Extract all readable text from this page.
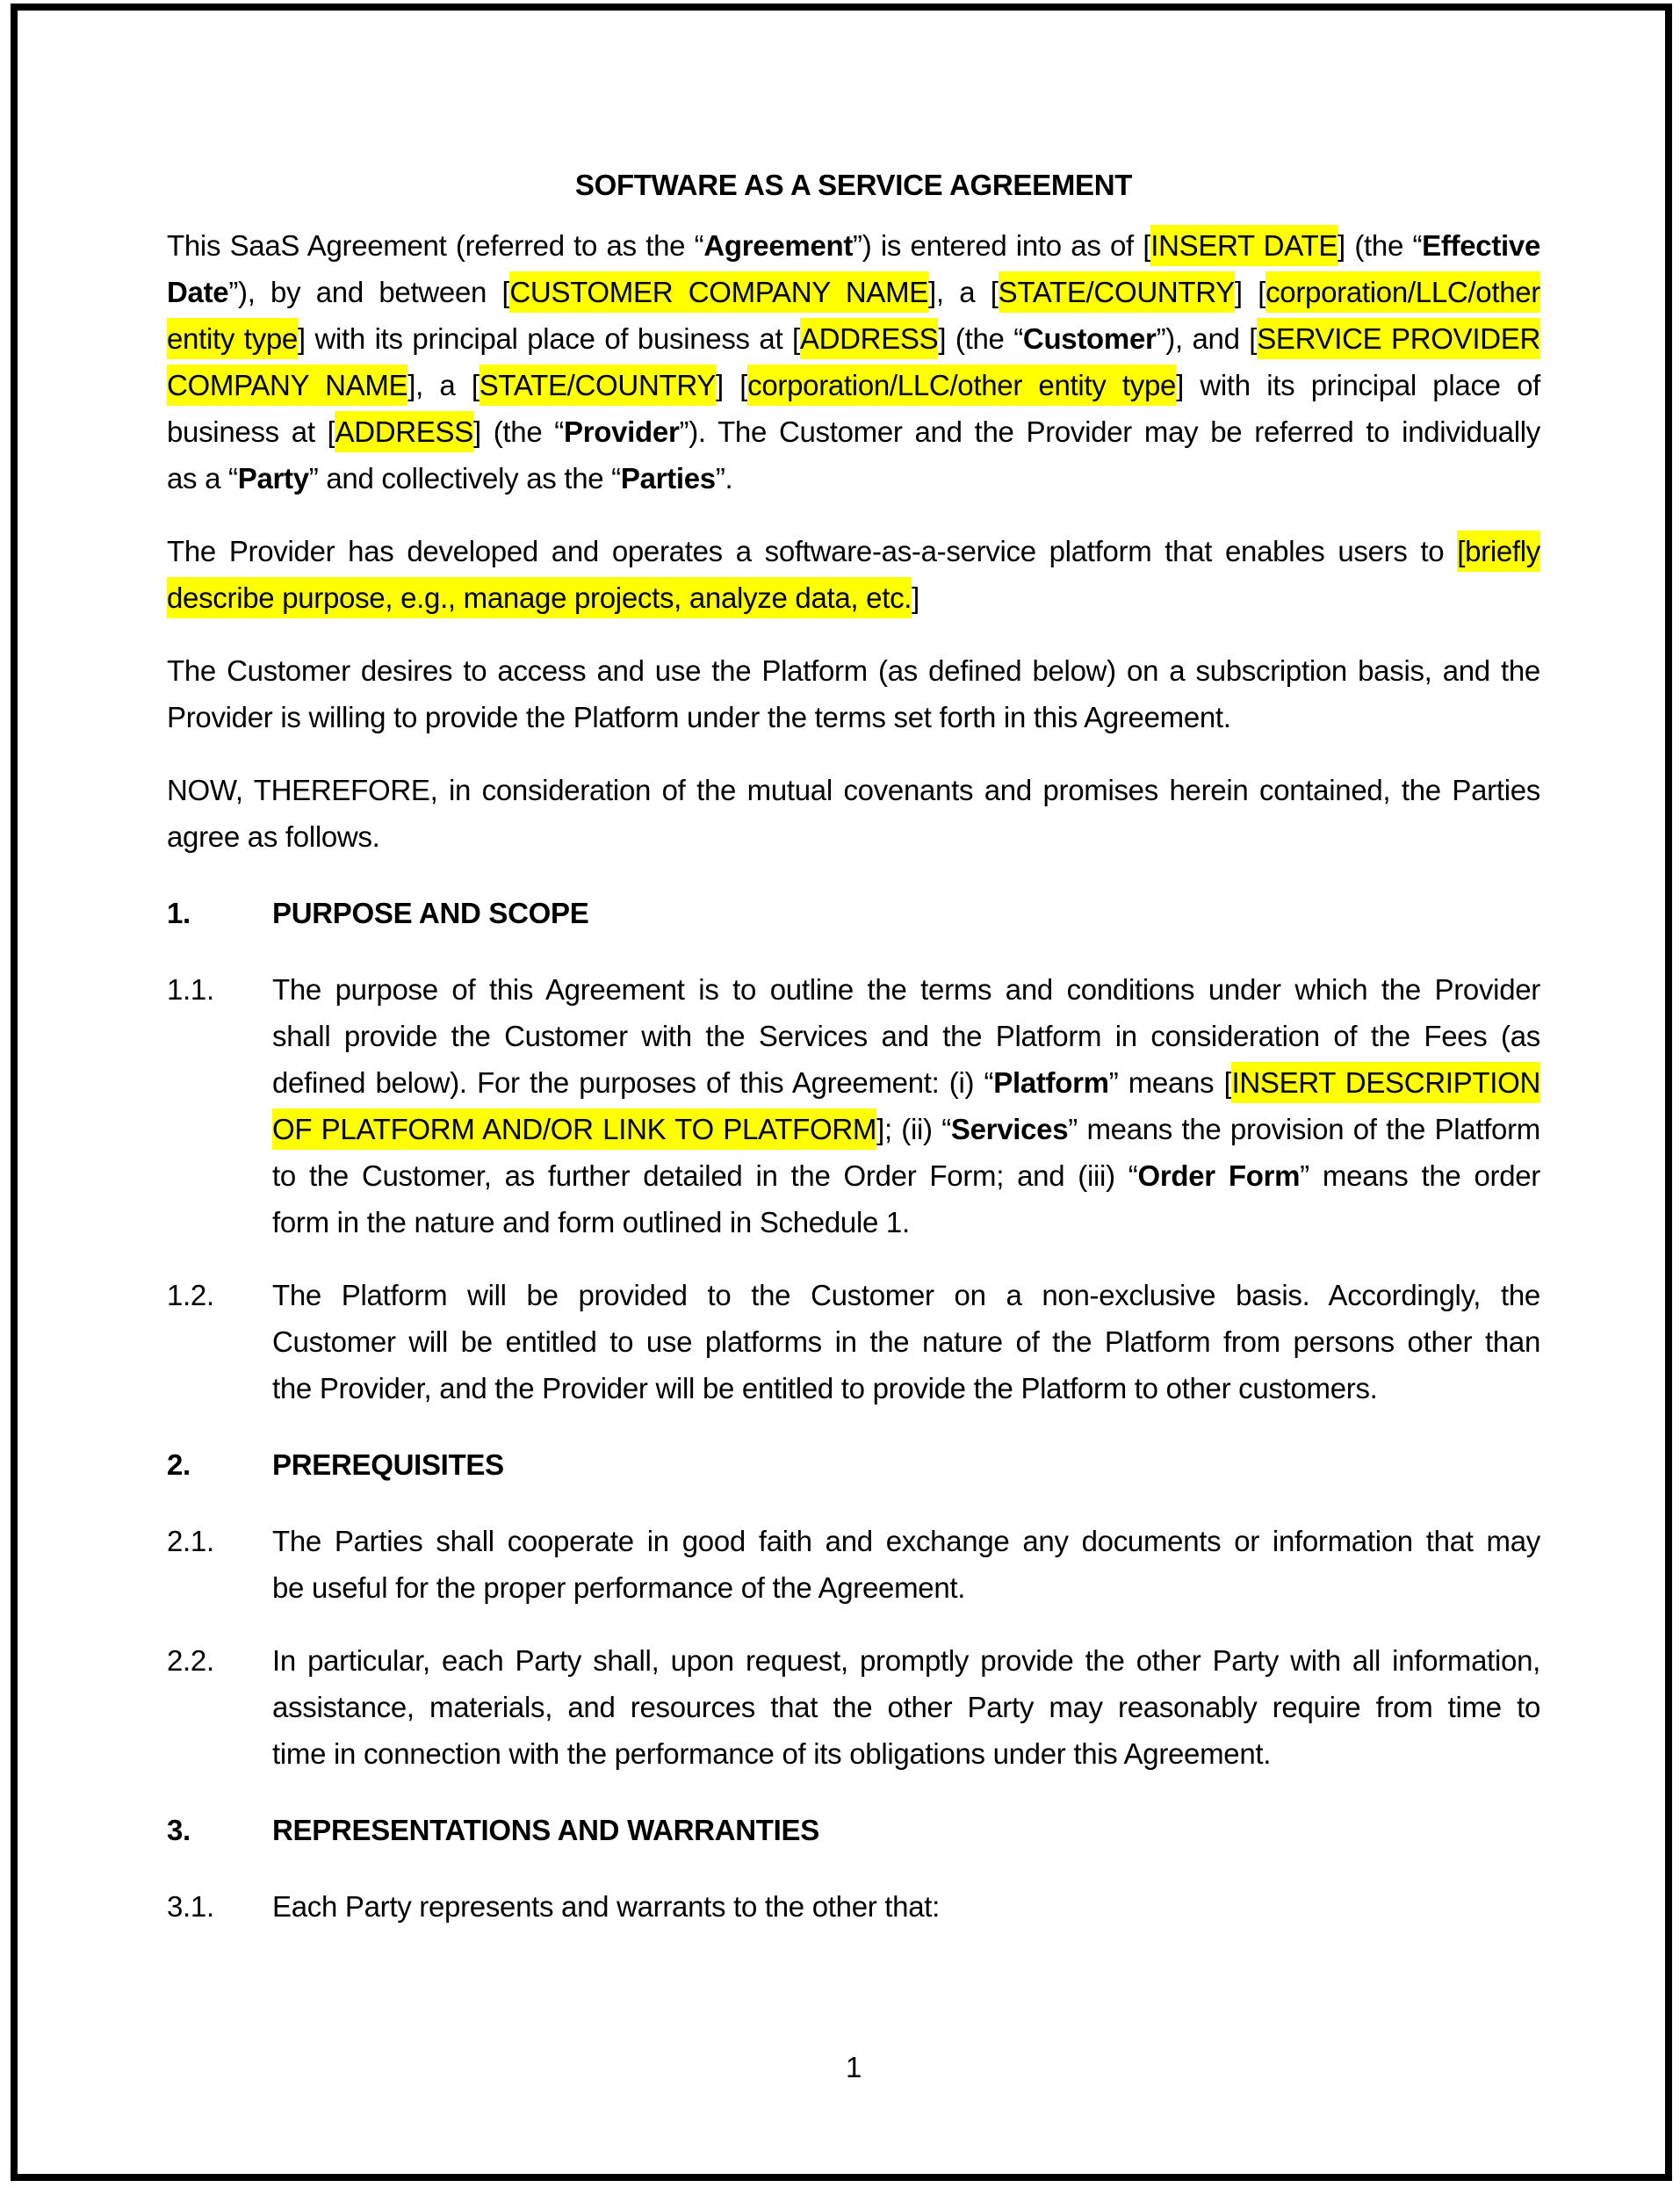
SOFTWARE AS A SERVICE AGREEMENT
This SaaS Agreement (referred to as the “Agreement”) is entered into as of [INSERT DATE] (the “Effective
Date”), by and between [CUSTOMER COMPANY NAME], a [STATE/COUNTRY] [corporation/LLC/other
entity type] with its principal place of business at [ADDRESS] (the “Customer”), and [SERVICE PROVIDER
COMPANY NAME], a [STATE/COUNTRY] [corporation/LLC/other entity type] with its principal place of
business at [ADDRESS] (the “Provider”). The Customer and the Provider may be referred to individually
as a “Party” and collectively as the “Parties”.
The Provider has developed and operates a software-as-a-service platform that enables users to [briefly
describe purpose, e.g., manage projects, analyze data, etc.]
The Customer desires to access and use the Platform (as defined below) on a subscription basis, and the
Provider is willing to provide the Platform under the terms set forth in this Agreement.
NOW, THEREFORE, in consideration of the mutual covenants and promises herein contained, the Parties
agree as follows.
1.	PURPOSE AND SCOPE
1.1. The purpose of this Agreement is to outline the terms and conditions under which the Provider
shall provide the Customer with the Services and the Platform in consideration of the Fees (as
defined below). For the purposes of this Agreement: (i) “Platform” means [INSERT DESCRIPTION
OF PLATFORM AND/OR LINK TO PLATFORM]; (ii) “Services” means the provision of the Platform
to the Customer, as further detailed in the Order Form; and (iii) “Order Form” means the order
form in the nature and form outlined in Schedule 1.
1.2. The Platform will be provided to the Customer on a non-exclusive basis. Accordingly, the
Customer will be entitled to use platforms in the nature of the Platform from persons other than
the Provider, and the Provider will be entitled to provide the Platform to other customers.
2.	PREREQUISITES
2.1. The Parties shall cooperate in good faith and exchange any documents or information that may
be useful for the proper performance of the Agreement.
2.2. In particular, each Party shall, upon request, promptly provide the other Party with all information,
assistance, materials, and resources that the other Party may reasonably require from time to
time in connection with the performance of its obligations under this Agreement.
3.	REPRESENTATIONS AND WARRANTIES
3.1. Each Party represents and warrants to the other that:
1
